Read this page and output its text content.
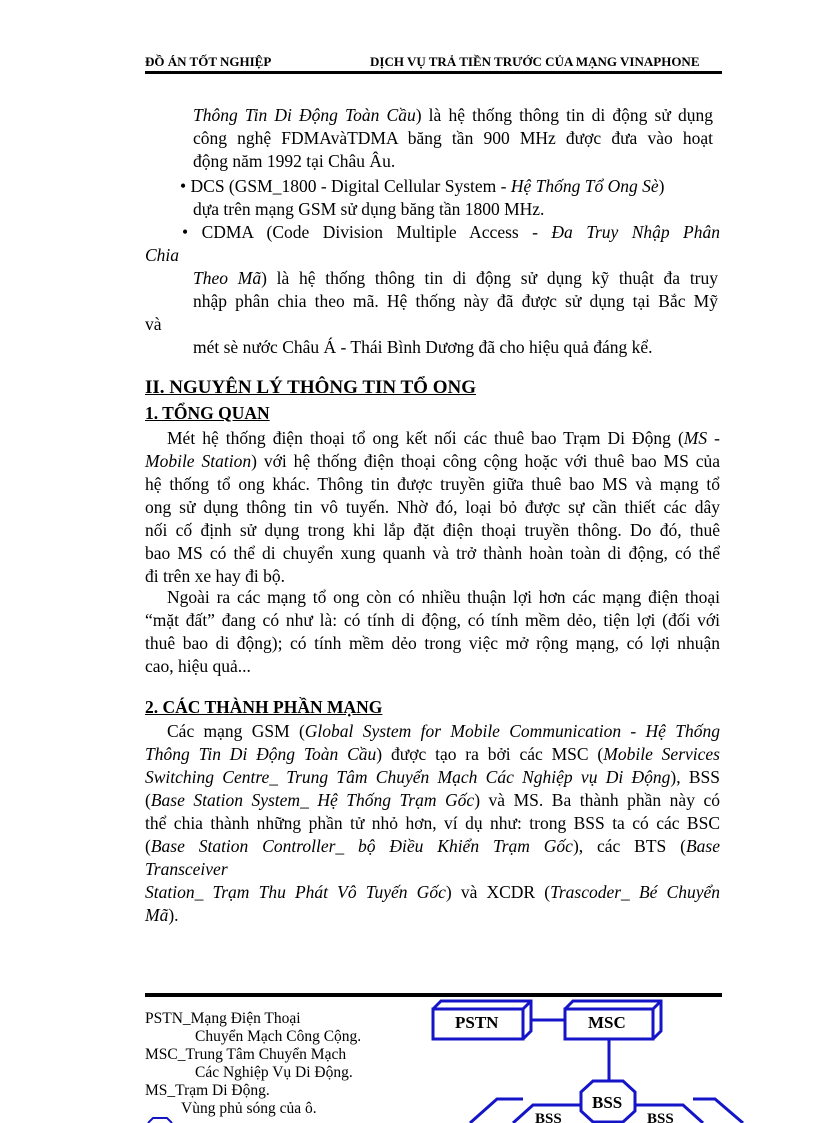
ĐỒ ÁN TỐT NGHIỆP	DỊCH VỤ TRẢ TIỀN TRƯỚC CỦA MẠNG VINAPHONE
Thông Tin Di Động Toàn Cầu) là hệ thống thông tin di động sử dụng
công nghệ FDMAvàTDMA băng tần 900 MHz được đưa vào hoạt
động năm 1992 tại Châu Âu.
• DCS (GSM_1800 - Digital Cellular System - Hệ Thống Tổ Ong Sè)
dựa trên mạng GSM sử dụng băng tần 1800 MHz.
• CDMA (Code Division Multiple Access - Đa Truy Nhập Phân
Chia
Theo Mã) là hệ thống thông tin di động sử dụng kỹ thuật đa truy
nhập phân chia theo mã. Hệ thống này đã được sử dụng tại Bắc Mỹ
và
mét sè nước Châu Á - Thái Bình Dương đã cho hiệu quả đáng kể.
II. NGUYÊN LÝ THÔNG TIN TỔ ONG
1. TỔNG QUAN
Mét hệ thống điện thoại tổ ong kết nối các thuê bao Trạm Di Động (MS -
Mobile Station) với hệ thống điện thoại công cộng hoặc với thuê bao MS của
hệ thống tổ ong khác. Thông tin được truyền giữa thuê bao MS và mạng tổ
ong sử dụng thông tin vô tuyến. Nhờ đó, loại bỏ được sự cần thiết các dây
nối cố định sử dụng trong khi lắp đặt điện thoại truyền thông. Do đó, thuê
bao MS có thể di chuyển xung quanh và trở thành hoàn toàn di động, có thể
đi trên xe hay đi bộ.
Ngoài ra các mạng tổ ong còn có nhiều thuận lợi hơn các mạng điện thoại
“mặt đất” đang có như là: có tính di động, có tính mềm dẻo, tiện lợi (đối với
thuê bao di động); có tính mềm dẻo trong việc mở rộng mạng, có lợi nhuận
cao, hiệu quả...
2. CÁC THÀNH PHẦN MẠNG
Các mạng GSM (Global System for Mobile Communication - Hệ Thống
Thông Tin Di Động Toàn Cầu) được tạo ra bởi các MSC (Mobile Services
Switching Centre_ Trung Tâm Chuyển Mạch Các Nghiệp vụ Di Động), BSS
(Base Station System_ Hệ Thống Trạm Gốc) và MS. Ba thành phần này có
thể chia thành những phần tử nhỏ hơn, ví dụ như: trong BSS ta có các BSC
(Base Station Controller_ bộ Điều Khiển Trạm Gốc), các BTS (Base
Transceiver
Station_ Trạm Thu Phát Vô Tuyến Gốc) và XCDR (Trascoder_ Bé Chuyển
Mã).
PSTN_Mạng Điện Thoại
Chuyển Mạch Công Cộng.
MSC_Trung Tâm Chuyển Mạch
Các Nghiệp Vụ Di Động.
MS_Trạm Di Động.
Vùng phủ sóng của ô.
PSTN	MSC
BSS
BSS	BSS
